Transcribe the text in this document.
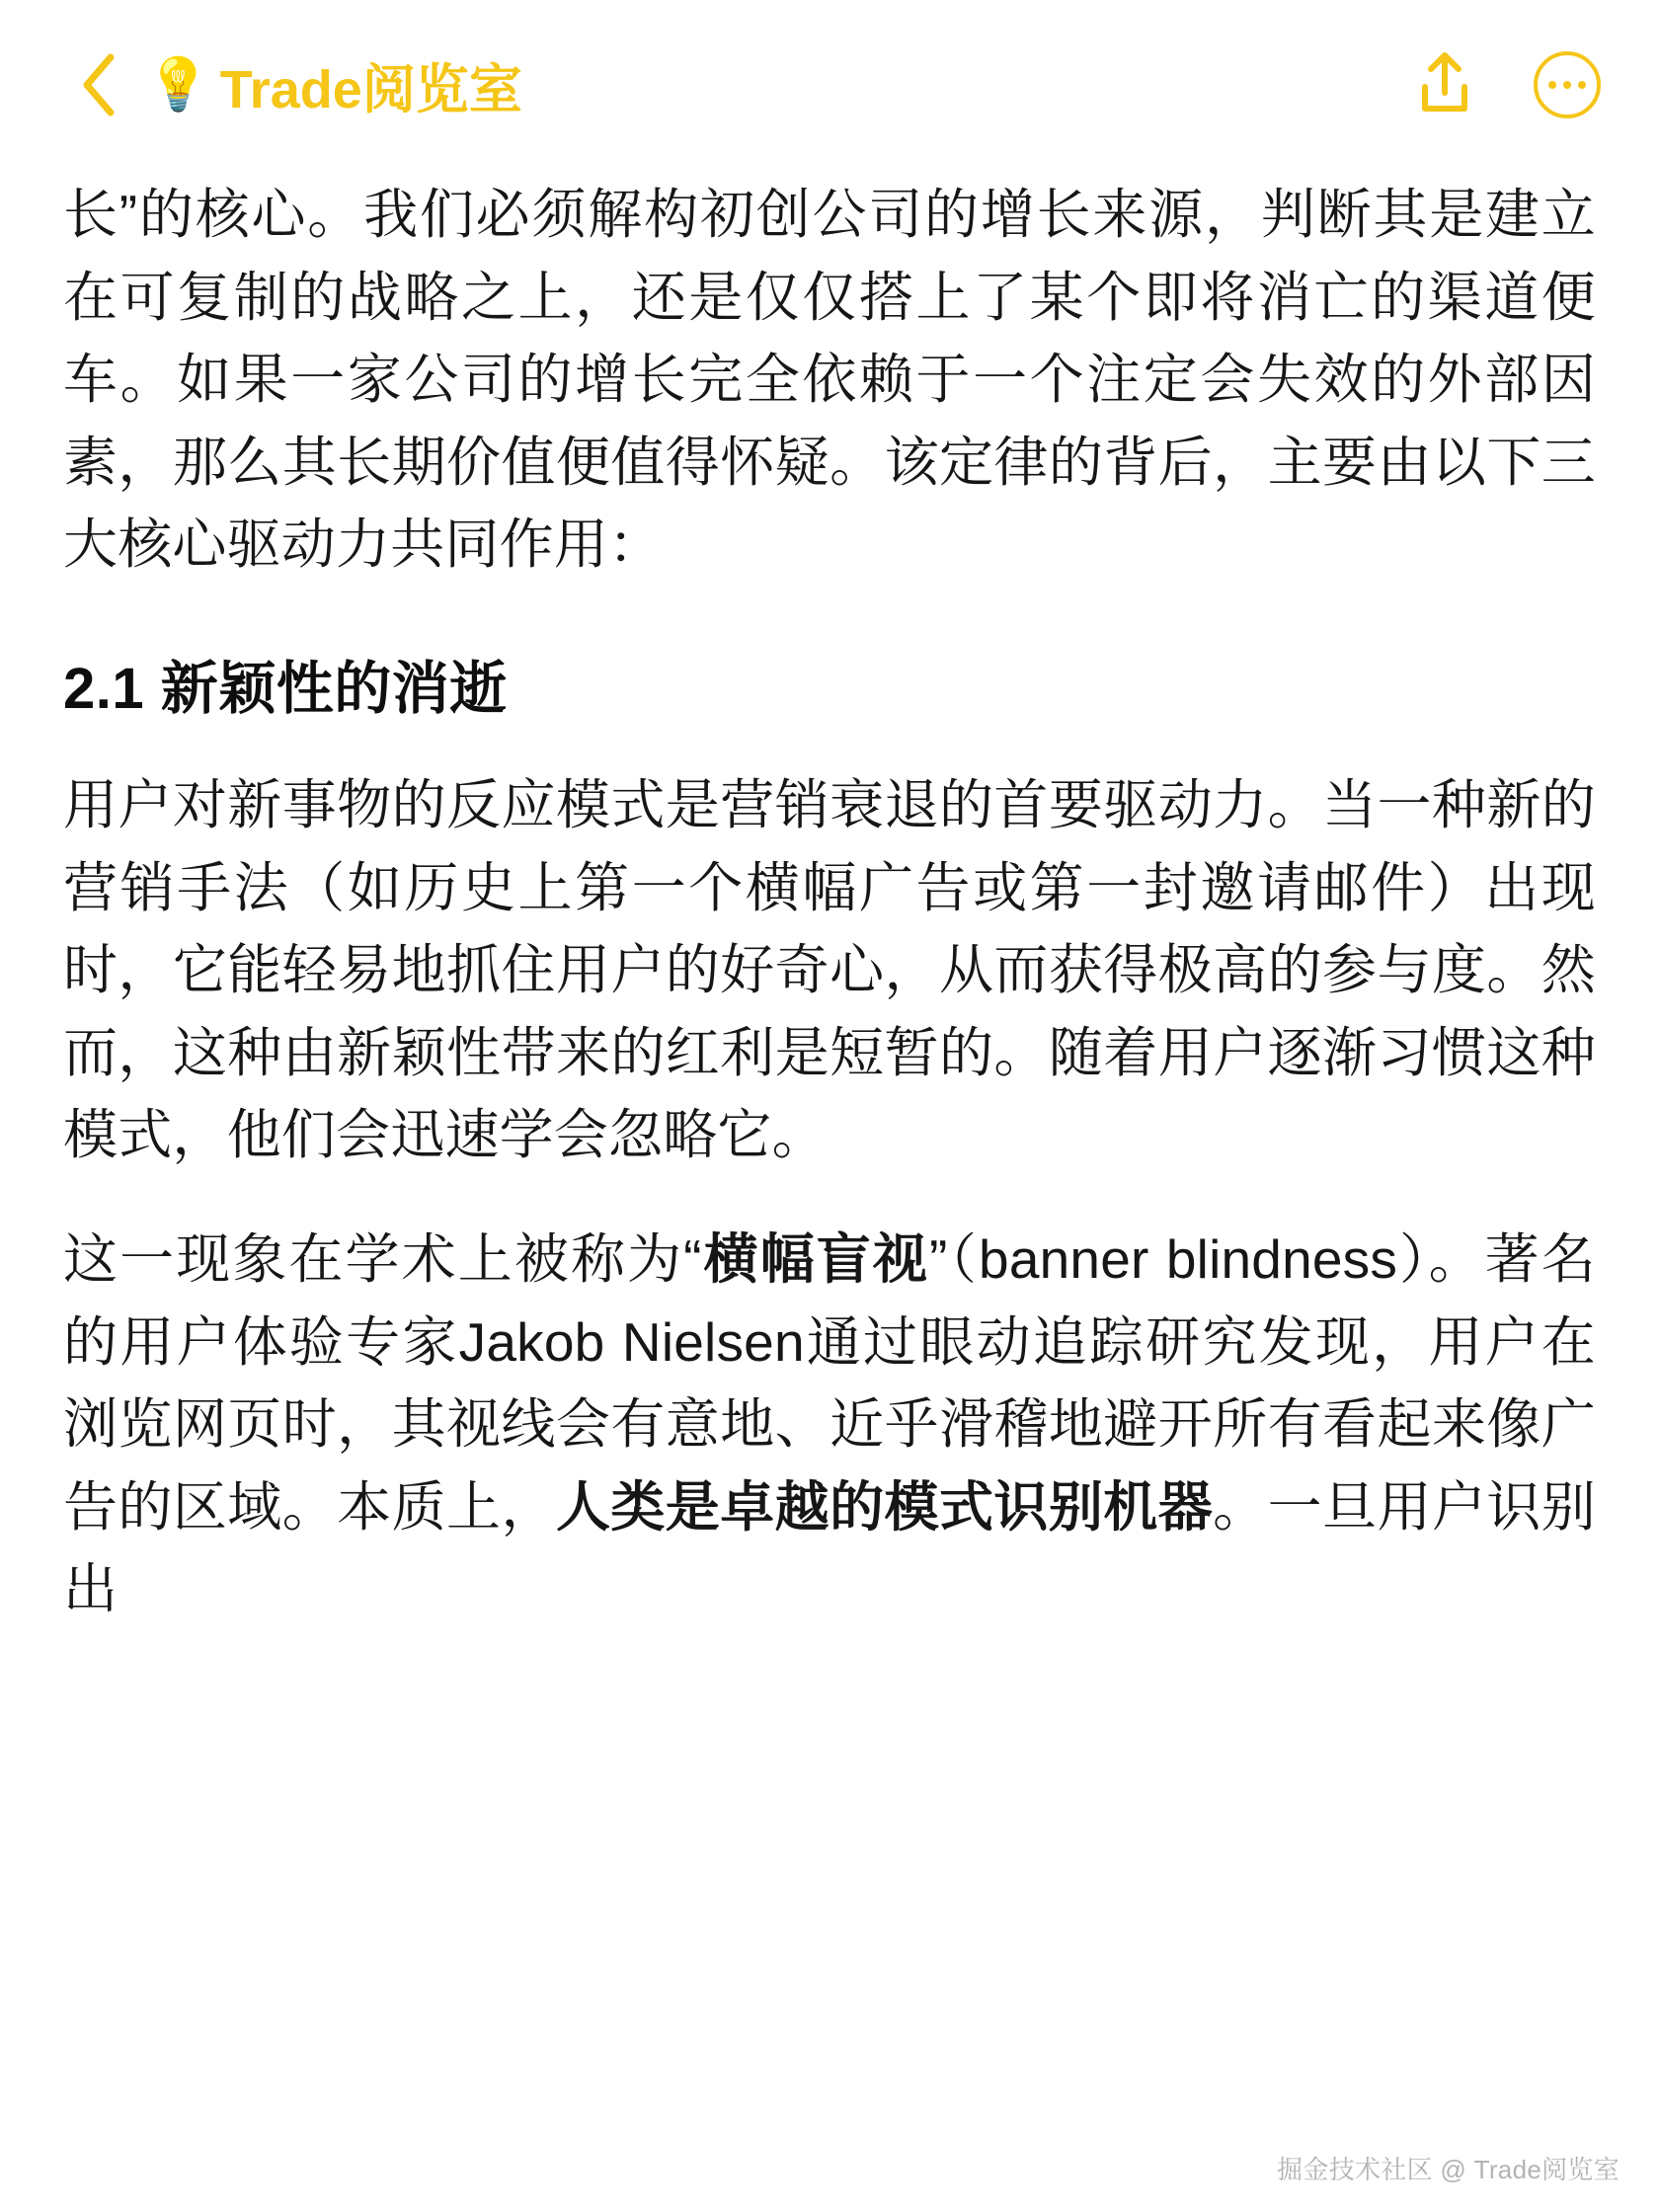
💡 Trade阅览室

长”的核心。我们必须解构初创公司的增长来源，判断其是建立在可复制的战略之上，还是仅仅搭上了某个即将消亡的渠道便车。如果一家公司的增长完全依赖于一个注定会失效的外部因素，那么其长期价值便值得怀疑。该定律的背后，主要由以下三大核心驱动力共同作用：

2.1 新颖性的消逝

用户对新事物的反应模式是营销衰退的首要驱动力。当一种新的营销手法（如历史上第一个横幅广告或第一封邀请邮件）出现时，它能轻易地抓住用户的好奇心，从而获得极高的参与度。然而，这种由新颖性带来的红利是短暂的。随着用户逐渐习惯这种模式，他们会迅速学会忽略它。

这一现象在学术上被称为“横幅盲视”（banner blindness）。著名的用户体验专家Jakob Nielsen通过眼动追踪研究发现，用户在浏览网页时，其视线会有意地、近乎滑稽地避开所有看起来像广告的区域。本质上，人类是卓越的模式识别机器。一旦用户识别出

掘金技术社区 @ Trade阅览室
